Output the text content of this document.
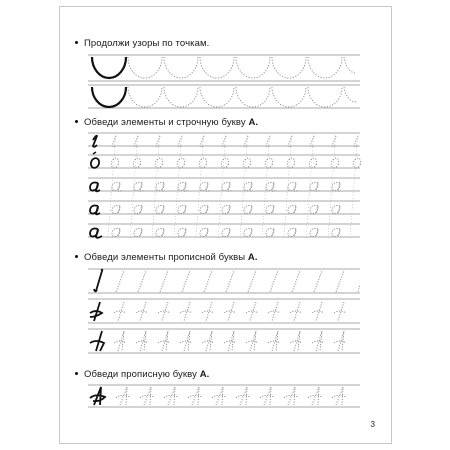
Продолжи узоры по точкам.
Обведи элементы и строчную букву А.
Обведи элементы прописной буквы А.
Обведи прописную букву А.
3
